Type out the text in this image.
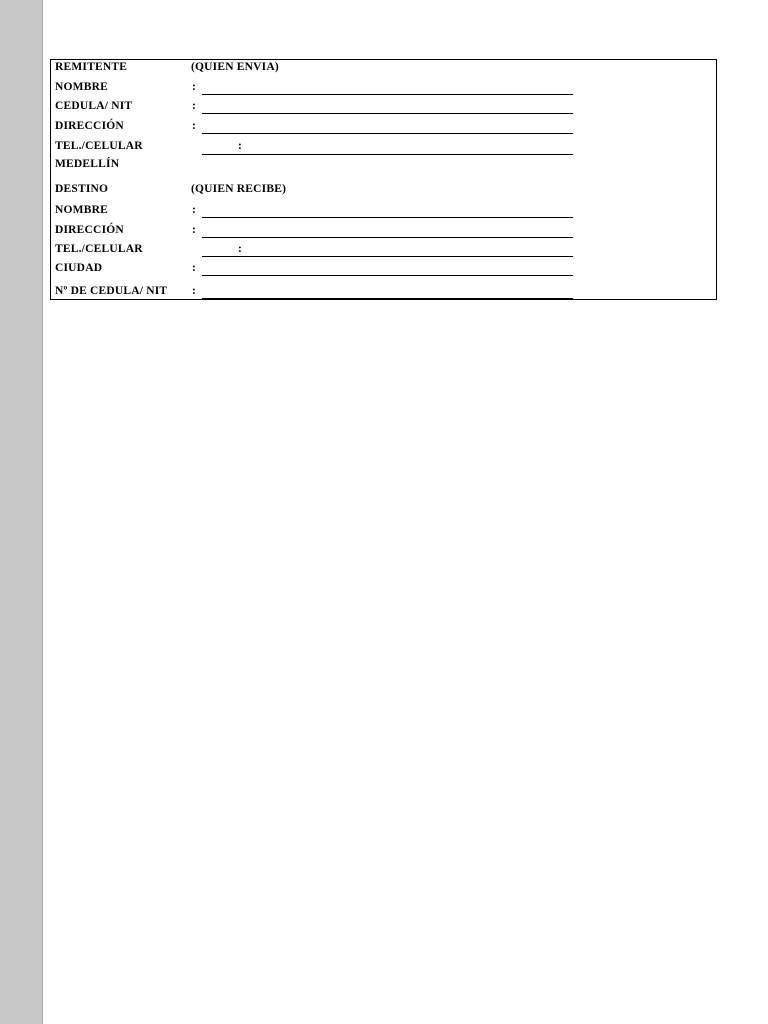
REMITENTE	(QUIEN ENVIA)
NOMBRE	:
CEDULA/ NIT	:
DIRECCIÓN	:
TEL./CELULAR	:
MEDELLÍN
DESTINO	(QUIEN RECIBE)
NOMBRE	:
DIRECCIÓN	:
TEL./CELULAR	:
CIUDAD	:
Nº DE CEDULA/ NIT :
